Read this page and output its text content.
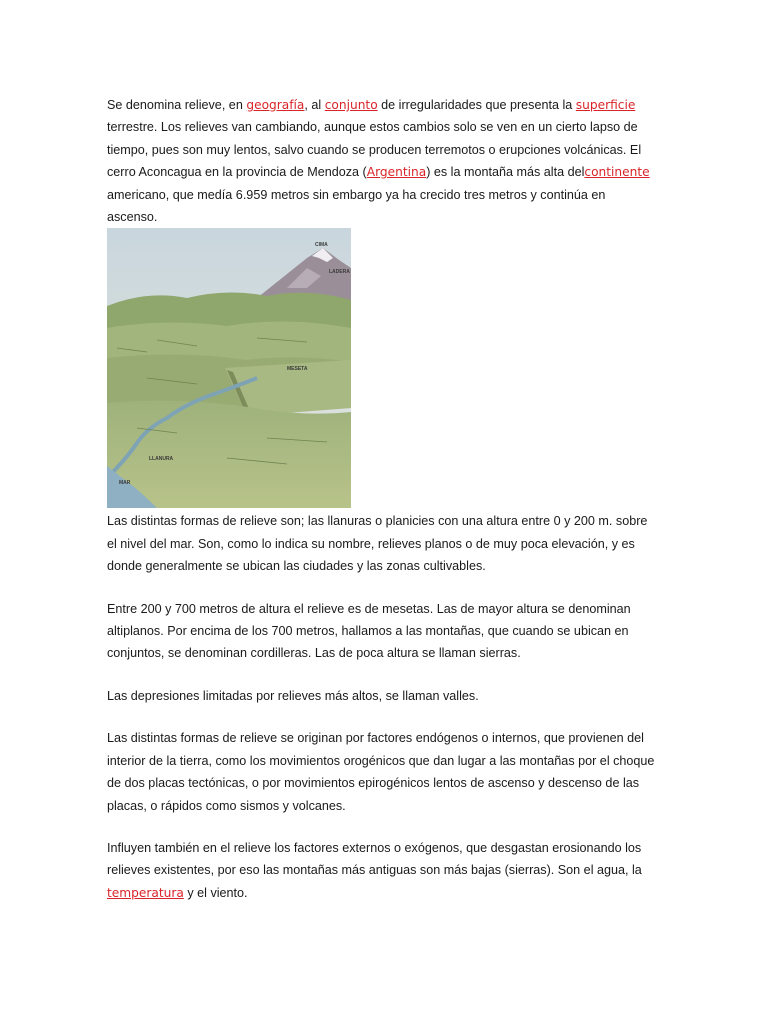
Se denomina relieve, en geografía, al conjunto de irregularidades que presenta la superficie terrestre. Los relieves van cambiando, aunque estos cambios solo se ven en un cierto lapso de tiempo, pues son muy lentos, salvo cuando se producen terremotos o erupciones volcánicas. El cerro Aconcagua en la provincia de Mendoza (Argentina) es la montaña más alta delcontinente americano, que medía 6.959 metros sin embargo ya ha crecido tres metros y continúa en ascenso.

CIMA
LADERA
MESETA
LLANURA
MAR

Las distintas formas de relieve son; las llanuras o planicies con una altura entre 0 y 200 m. sobre el nivel del mar. Son, como lo indica su nombre, relieves planos o de muy poca elevación, y es donde generalmente se ubican las ciudades y las zonas cultivables.

Entre 200 y 700 metros de altura el relieve es de mesetas. Las de mayor altura se denominan altiplanos. Por encima de los 700 metros, hallamos a las montañas, que cuando se ubican en conjuntos, se denominan cordilleras. Las de poca altura se llaman sierras.

Las depresiones limitadas por relieves más altos, se llaman valles.

Las distintas formas de relieve se originan por factores endógenos o internos, que provienen del interior de la tierra, como los movimientos orogénicos que dan lugar a las montañas por el choque de dos placas tectónicas, o por movimientos epirogénicos lentos de ascenso y descenso de las placas, o rápidos como sismos y volcanes.

Influyen también en el relieve los factores externos o exógenos, que desgastan erosionando los relieves existentes, por eso las montañas más antiguas son más bajas (sierras). Son el agua, la temperatura y el viento.
